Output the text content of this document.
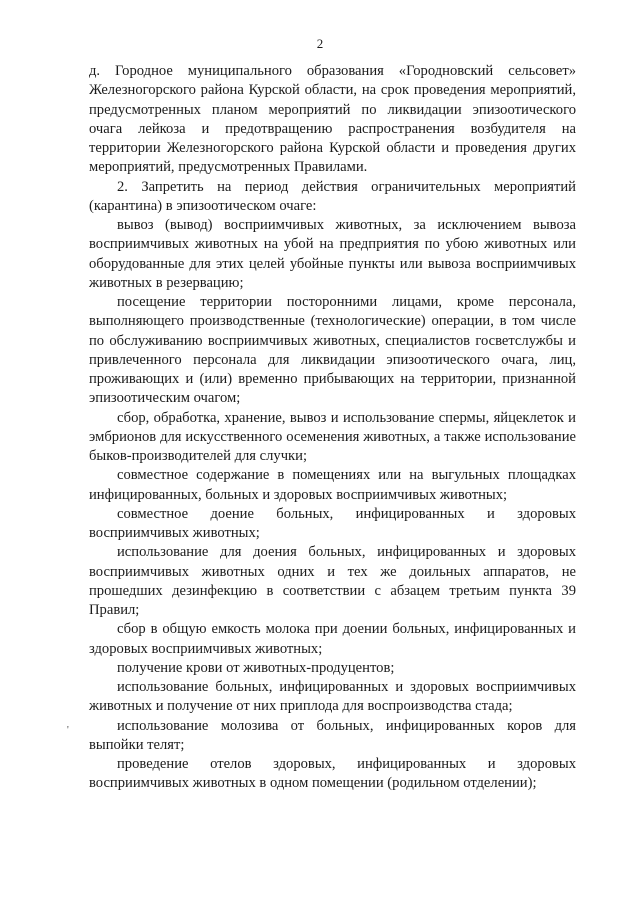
2

д. Городное муниципального образования «Городновский сельсовет» Железногорского района Курской области, на срок проведения мероприятий, предусмотренных планом мероприятий по ликвидации эпизоотического очага лейкоза и предотвращению распространения возбудителя на территории Железногорского района Курской области и проведения других мероприятий, предусмотренных Правилами.

2. Запретить на период действия ограничительных мероприятий (карантина) в эпизоотическом очаге:

вывоз (вывод) восприимчивых животных, за исключением вывоза восприимчивых животных на убой на предприятия по убою животных или оборудованные для этих целей убойные пункты или вывоза восприимчивых животных в резервацию;

посещение территории посторонними лицами, кроме персонала, выполняющего производственные (технологические) операции, в том числе по обслуживанию восприимчивых животных, специалистов госветслужбы и привлеченного персонала для ликвидации эпизоотического очага, лиц, проживающих и (или) временно прибывающих на территории, признанной эпизоотическим очагом;

сбор, обработка, хранение, вывоз и использование спермы, яйцеклеток и эмбрионов для искусственного осеменения животных, а также использование быков-производителей для случки;

совместное содержание в помещениях или на выгульных площадках инфицированных, больных и здоровых восприимчивых животных;

совместное доение больных, инфицированных и здоровых восприимчивых животных;

использование для доения больных, инфицированных и здоровых восприимчивых животных одних и тех же доильных аппаратов, не прошедших дезинфекцию в соответствии с абзацем третьим пункта 39 Правил;

сбор в общую емкость молока при доении больных, инфицированных и здоровых восприимчивых животных;

получение крови от животных-продуцентов;

использование больных, инфицированных и здоровых восприимчивых животных и получение от них приплода для воспроизводства стада;

использование молозива от больных, инфицированных коров для выпойки телят;

проведение отелов здоровых, инфицированных и здоровых восприимчивых животных в одном помещении (родильном отделении);

'
